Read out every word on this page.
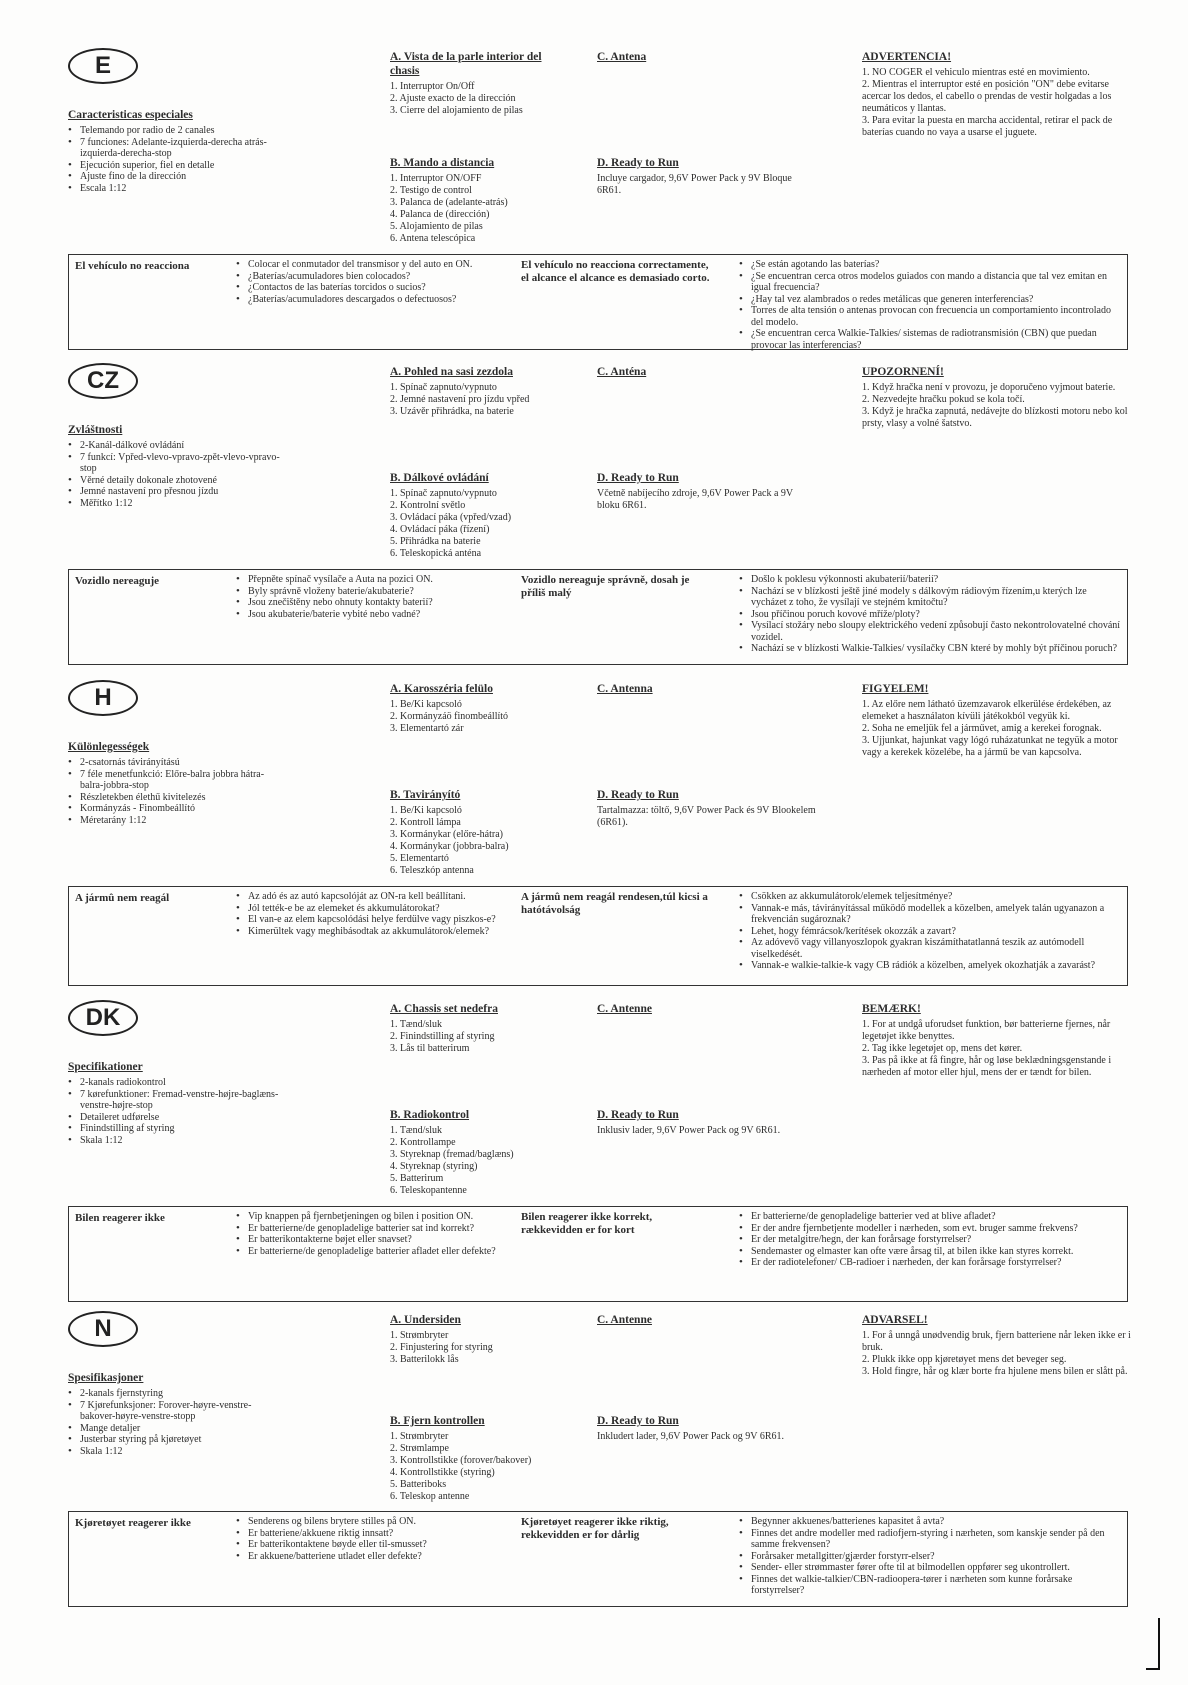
E
Caracteristicas especiales
• Telemando por radio de 2 canales
• 7 funciones: Adelante-izquierda-derecha atrás-izquierda-derecha-stop
• Ejecución superior, fiel en detalle
• Ajuste fino de la dirección
• Escala 1:12
A. Vista de la parle interior del chasis
1. Interruptor On/Off
2. Ajuste exacto de la dirección
3. Cierre del alojamiento de pilas
B. Mando a distancia
1. Interruptor ON/OFF
2. Testigo de control
3. Palanca de (adelante-atrás)
4. Palanca de (dirección)
5. Alojamiento de pilas
6. Antena telescópica
C. Antena
D. Ready to Run
Incluye cargador, 9,6V Power Pack y 9V Bloque 6R61.
ADVERTENCIA!
1. NO COGER el vehiculo mientras esté en movimiento.
2. Mientras el interruptor esté en posición "ON" debe evitarse acercar los dedos, el cabello o prendas de vestir holgadas a los neumáticos y llantas.
3. Para evitar la puesta en marcha accidental, retirar el pack de baterías cuando no vaya a usarse el juguete.
El vehículo no reacciona	• Colocar el conmutador del transmisor y del auto en ON.
• ¿Baterías/acumuladores bien colocados?
• ¿Contactos de las baterías torcidos o sucios?
• ¿Baterías/acumuladores descargados o defectuosos?
El vehículo no reacciona correctamente, el alcance el alcance es demasiado corto.
• ¿Se están agotando las baterías?
• ¿Se encuentran cerca otros modelos guiados con mando a distancia que tal vez emitan en igual frecuencia?
• ¿Hay tal vez alambrados o redes metálicas que generen interferencias?
• Torres de alta tensión o antenas provocan con frecuencia un comportamiento incontrolado del modelo.
• ¿Se encuentran cerca Walkie-Talkies/ sistemas de radiotransmisión (CBN) que puedan provocar las interferencias?
CZ
Zvláštnosti
• 2-Kanál-dálkové ovládání
• 7 funkcí: Vpřed-vlevo-vpravo-zpět-vlevo-vpravo-stop
• Věrné detaily dokonale zhotovené
• Jemné nastavení pro přesnou jízdu
• Měřítko 1:12
A. Pohled na sasi zezdola
1. Spínač zapnuto/vypnuto
2. Jemné nastavení pro jízdu vpřed
3. Uzávěr přihrádka, na baterie
B. Dálkové ovládání
1. Spínač zapnuto/vypnuto
2. Kontrolní světlo
3. Ovládací páka (vpřed/vzad)
4. Ovládací páka (řízení)
5. Přihrádka na baterie
6. Teleskopická anténa
C. Anténa
D. Ready to Run
Včetně nabíjecího zdroje, 9,6V Power Pack a 9V bloku 6R61.
UPOZORNENÍ!
1. Když hračka není v provozu, je doporučeno vyjmout baterie.
2. Nezvedejte hračku pokud se kola točí.
3. Když je hračka zapnutá, nedávejte do blízkosti motoru nebo kol prsty, vlasy a volné šatstvo.
Vozidlo nereaguje	• Přepněte spínač vysílače a Auta na pozici ON.
• Byly správně vloženy baterie/akubaterie?
• Jsou znečištěny nebo ohnuty kontakty baterií?
• Jsou akubaterie/baterie vybité nebo vadné?
Vozidlo nereaguje správně, dosah je příliš malý
• Došlo k poklesu výkonnosti akubaterií/baterií?
• Nachází se v blízkosti ještě jiné modely s dálkovým rádiovým řízením,u kterých lze vycházet z toho, že vysílají ve stejném kmitočtu?
• Jsou příčinou poruch kovové mříže/ploty?
• Vysílací stožáry nebo sloupy elektrického vedení způsobují často nekontrolovatelné chování vozidel.
• Nachází se v blízkosti Walkie-Talkies/ vysílačky CBN které by mohly být příčinou poruch?
H
Különlegességek
• 2-csatornás távirányítású
• 7 féle menetfunkció: Előre-balra jobbra hátra-balra-jobbra-stop
• Részletekben élethű kivitelezés
• Kormányzás - Finombeállító
• Méretarány 1:12
A. Karosszéria felülo
1. Be/Ki kapcsoló
2. Kormányzáö finombeállító
3. Elementartó zár
B. Tavirányító
1. Be/Ki kapcsoló
2. Kontroll lámpa
3. Kormánykar (előre-hátra)
4. Kormánykar (jobbra-balra)
5. Elementartó
6. Teleszkóp antenna
C. Antenna
D. Ready to Run
Tartalmazza: töltő, 9,6V Power Pack és 9V Blookelem (6R61).
FIGYELEM!
1. Az előre nem látható üzemzavarok elkerülése érdekében, az elemeket a használaton kívüli játékokból vegyük ki.
2. Soha ne emeljük fel a járművet, amig a kerekei forognak.
3. Ujjunkat, hajunkat vagy lógó ruházatunkat ne tegyük a motor vagy a kerekek közelébe, ha a jármű be van kapcsolva.
A jármû nem reagál	• Az adó és az autó kapcsolóját az ON-ra kell beállítani.
• Jól tették-e be az elemeket és akkumulátorokat?
• El van-e az elem kapcsolódási helye ferdülve vagy piszkos-e?
• Kimerültek vagy meghibásodtak az akkumulátorok/elemek?
A jármû nem reagál rendesen,túl kicsi a hatótávolság
• Csökken az akkumulátorok/elemek teljesítménye?
• Vannak-e más, távirányítással működő modellek a közelben, amelyek talán ugyanazon a frekvencián sugároznak?
• Lehet, hogy fémrácsok/kerítések okozzák a zavart?
• Az adóvevő vagy villanyoszlopok gyakran kiszámíthatatlanná teszik az autómodell viselkedését.
• Vannak-e walkie-talkie-k vagy CB rádiók a közelben, amelyek okozhatják a zavarást?
DK
Specifikationer
• 2-kanals radiokontrol
• 7 kørefunktioner: Fremad-venstre-højre-baglæns-venstre-højre-stop
• Detaileret udførelse
• Finindstilling af styring
• Skala 1:12
A. Chassis set nedefra
1. Tænd/sluk
2. Finindstilling af styring
3. Lås til batterirum
B. Radiokontrol
1. Tænd/sluk
2. Kontrollampe
3. Styreknap (fremad/baglæns)
4. Styreknap (styring)
5. Batterirum
6. Teleskopantenne
C. Antenne
D. Ready to Run
Inklusiv lader, 9,6V Power Pack og 9V 6R61.
BEMÆRK!
1. For at undgå uforudset funktion, bør batterierne fjernes, når legetøjet ikke benyttes.
2. Tag ikke legetøjet op, mens det kører.
3. Pas på ikke at få fingre, hår og løse beklædningsgenstande i nærheden af motor eller hjul, mens der er tændt for bilen.
Bilen reagerer ikke	• Vip knappen på fjernbetjeningen og bilen i position ON.
• Er batterierne/de genopladelige batterier sat ind korrekt?
• Er batterikontakterne bøjet eller snavset?
• Er batterierne/de genopladelige batterier afladet eller defekte?
Bilen reagerer ikke korrekt, rækkevidden er for kort
• Er batterierne/de genopladelige batterier ved at blive afladet?
• Er der andre fjernbetjente modeller i nærheden, som evt. bruger samme frekvens?
• Er der metalgitre/hegn, der kan forårsage forstyrrelser?
• Sendemaster og elmaster kan ofte være årsag til, at bilen ikke kan styres korrekt.
• Er der radiotelefoner/ CB-radioer i nærheden, der kan forårsage forstyrrelser?
N
Spesifikasjoner
• 2-kanals fjernstyring
• 7 Kjørefunksjoner: Forover-høyre-venstre-bakover-høyre-venstre-stopp
• Mange detaljer
• Justerbar styring på kjøretøyet
• Skala 1:12
A. Undersiden
1. Strømbryter
2. Finjustering for styring
3. Batterilokk lås
B. Fjern kontrollen
1. Strømbryter
2. Strømlampe
3. Kontrollstikke (forover/bakover)
4. Kontrollstikke (styring)
5. Batteriboks
6. Teleskop antenne
C. Antenne
D. Ready to Run
Inkludert lader, 9,6V Power Pack og 9V 6R61.
ADVARSEL!
1. For å unngå unødvendig bruk, fjern batteriene når leken ikke er i bruk.
2. Plukk ikke opp kjøretøyet mens det beveger seg.
3. Hold fingre, hår og klær borte fra hjulene mens bilen er slått på.
Kjøretøyet reagerer ikke	• Senderens og bilens brytere stilles på ON.
• Er batteriene/akkuene riktig innsatt?
• Er batterikontaktene bøyde eller til-smusset?
• Er akkuene/batteriene utladet eller defekte?
Kjøretøyet reagerer ikke riktig, rekkevidden er for dårlig
• Begynner akkuenes/batterienes kapasitet å avta?
• Finnes det andre modeller med radiofjern-styring i nærheten, som kanskje sender på den samme frekvensen?
• Forårsaker metallgitter/gjærder forstyrr-elser?
• Sender- eller strømmaster fører ofte til at bilmodellen oppfører seg ukontrollert.
• Finnes det walkie-talkier/CBN-radioopera-tører i nærheten som kunne forårsake forstyrrelser?
